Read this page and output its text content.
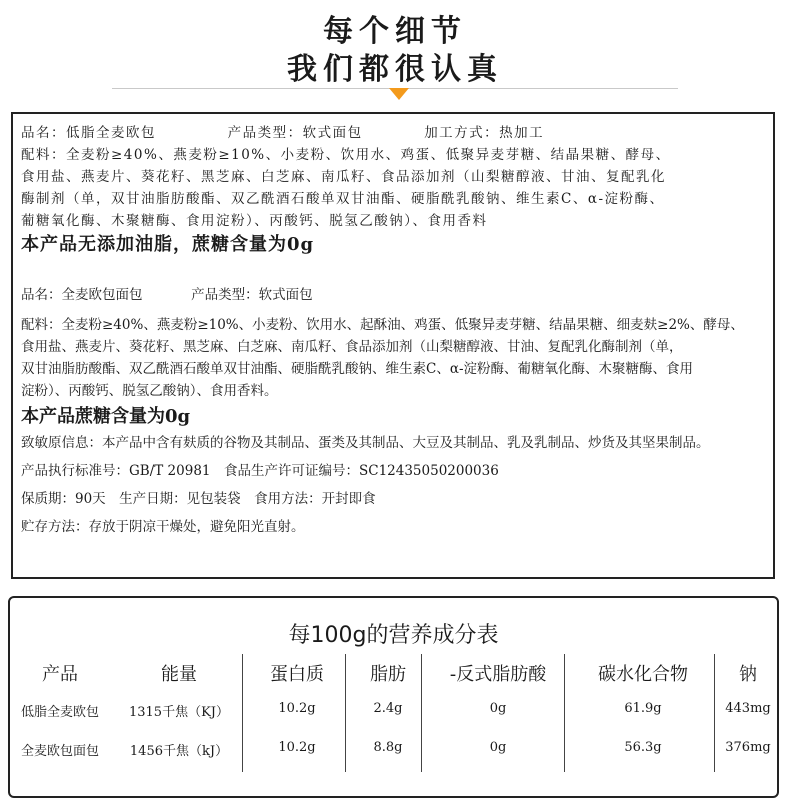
每个细节
我们都很认真
品名：低脂全麦欧包	产品类型：软式面包	加工方式：热加工
配料：全麦粉≥40%、燕麦粉≥10%、小麦粉、饮用水、鸡蛋、低聚异麦芽糖、结晶果糖、酵母、
食用盐、燕麦片、葵花籽、黑芝麻、白芝麻、南瓜籽、食品添加剂（山梨糖醇液、甘油、复配乳化
酶制剂（单，双甘油脂肪酸酯、双乙酰酒石酸单双甘油酯、硬脂酰乳酸钠、维生素C、α-淀粉酶、
葡糖氧化酶、木聚糖酶、食用淀粉）、丙酸钙、脱氢乙酸钠）、食用香料
本产品无添加油脂，蔗糖含量为0g
品名：全麦欧包面包	产品类型：软式面包
配料：全麦粉≥40%、燕麦粉≥10%、小麦粉、饮用水、起酥油、鸡蛋、低聚异麦芽糖、结晶果糖、细麦麸≥2%、酵母、
食用盐、燕麦片、葵花籽、黑芝麻、白芝麻、南瓜籽、食品添加剂（山梨糖醇液、甘油、复配乳化酶制剂（单，
双甘油脂肪酸酯、双乙酰酒石酸单双甘油酯、硬脂酰乳酸钠、维生素C、α-淀粉酶、葡糖氧化酶、木聚糖酶、食用
淀粉）、丙酸钙、脱氢乙酸钠）、食用香料。
本产品蔗糖含量为0g
致敏原信息：本产品中含有麸质的谷物及其制品、蛋类及其制品、大豆及其制品、乳及乳制品、炒货及其坚果制品。
产品执行标准号：GB/T 20981　食品生产许可证编号：SC12435050200036
保质期：90天　生产日期：见包装袋　食用方法：开封即食
贮存方法：存放于阴凉干燥处，避免阳光直射。
每100g的营养成分表
产品	能量	蛋白质	脂肪	-反式脂肪酸	碳水化合物	钠
低脂全麦欧包	1315千焦（KJ）	10.2g	2.4g	0g	61.9g	443mg
全麦欧包面包	1456千焦（kJ）	10.2g	8.8g	0g	56.3g	376mg
